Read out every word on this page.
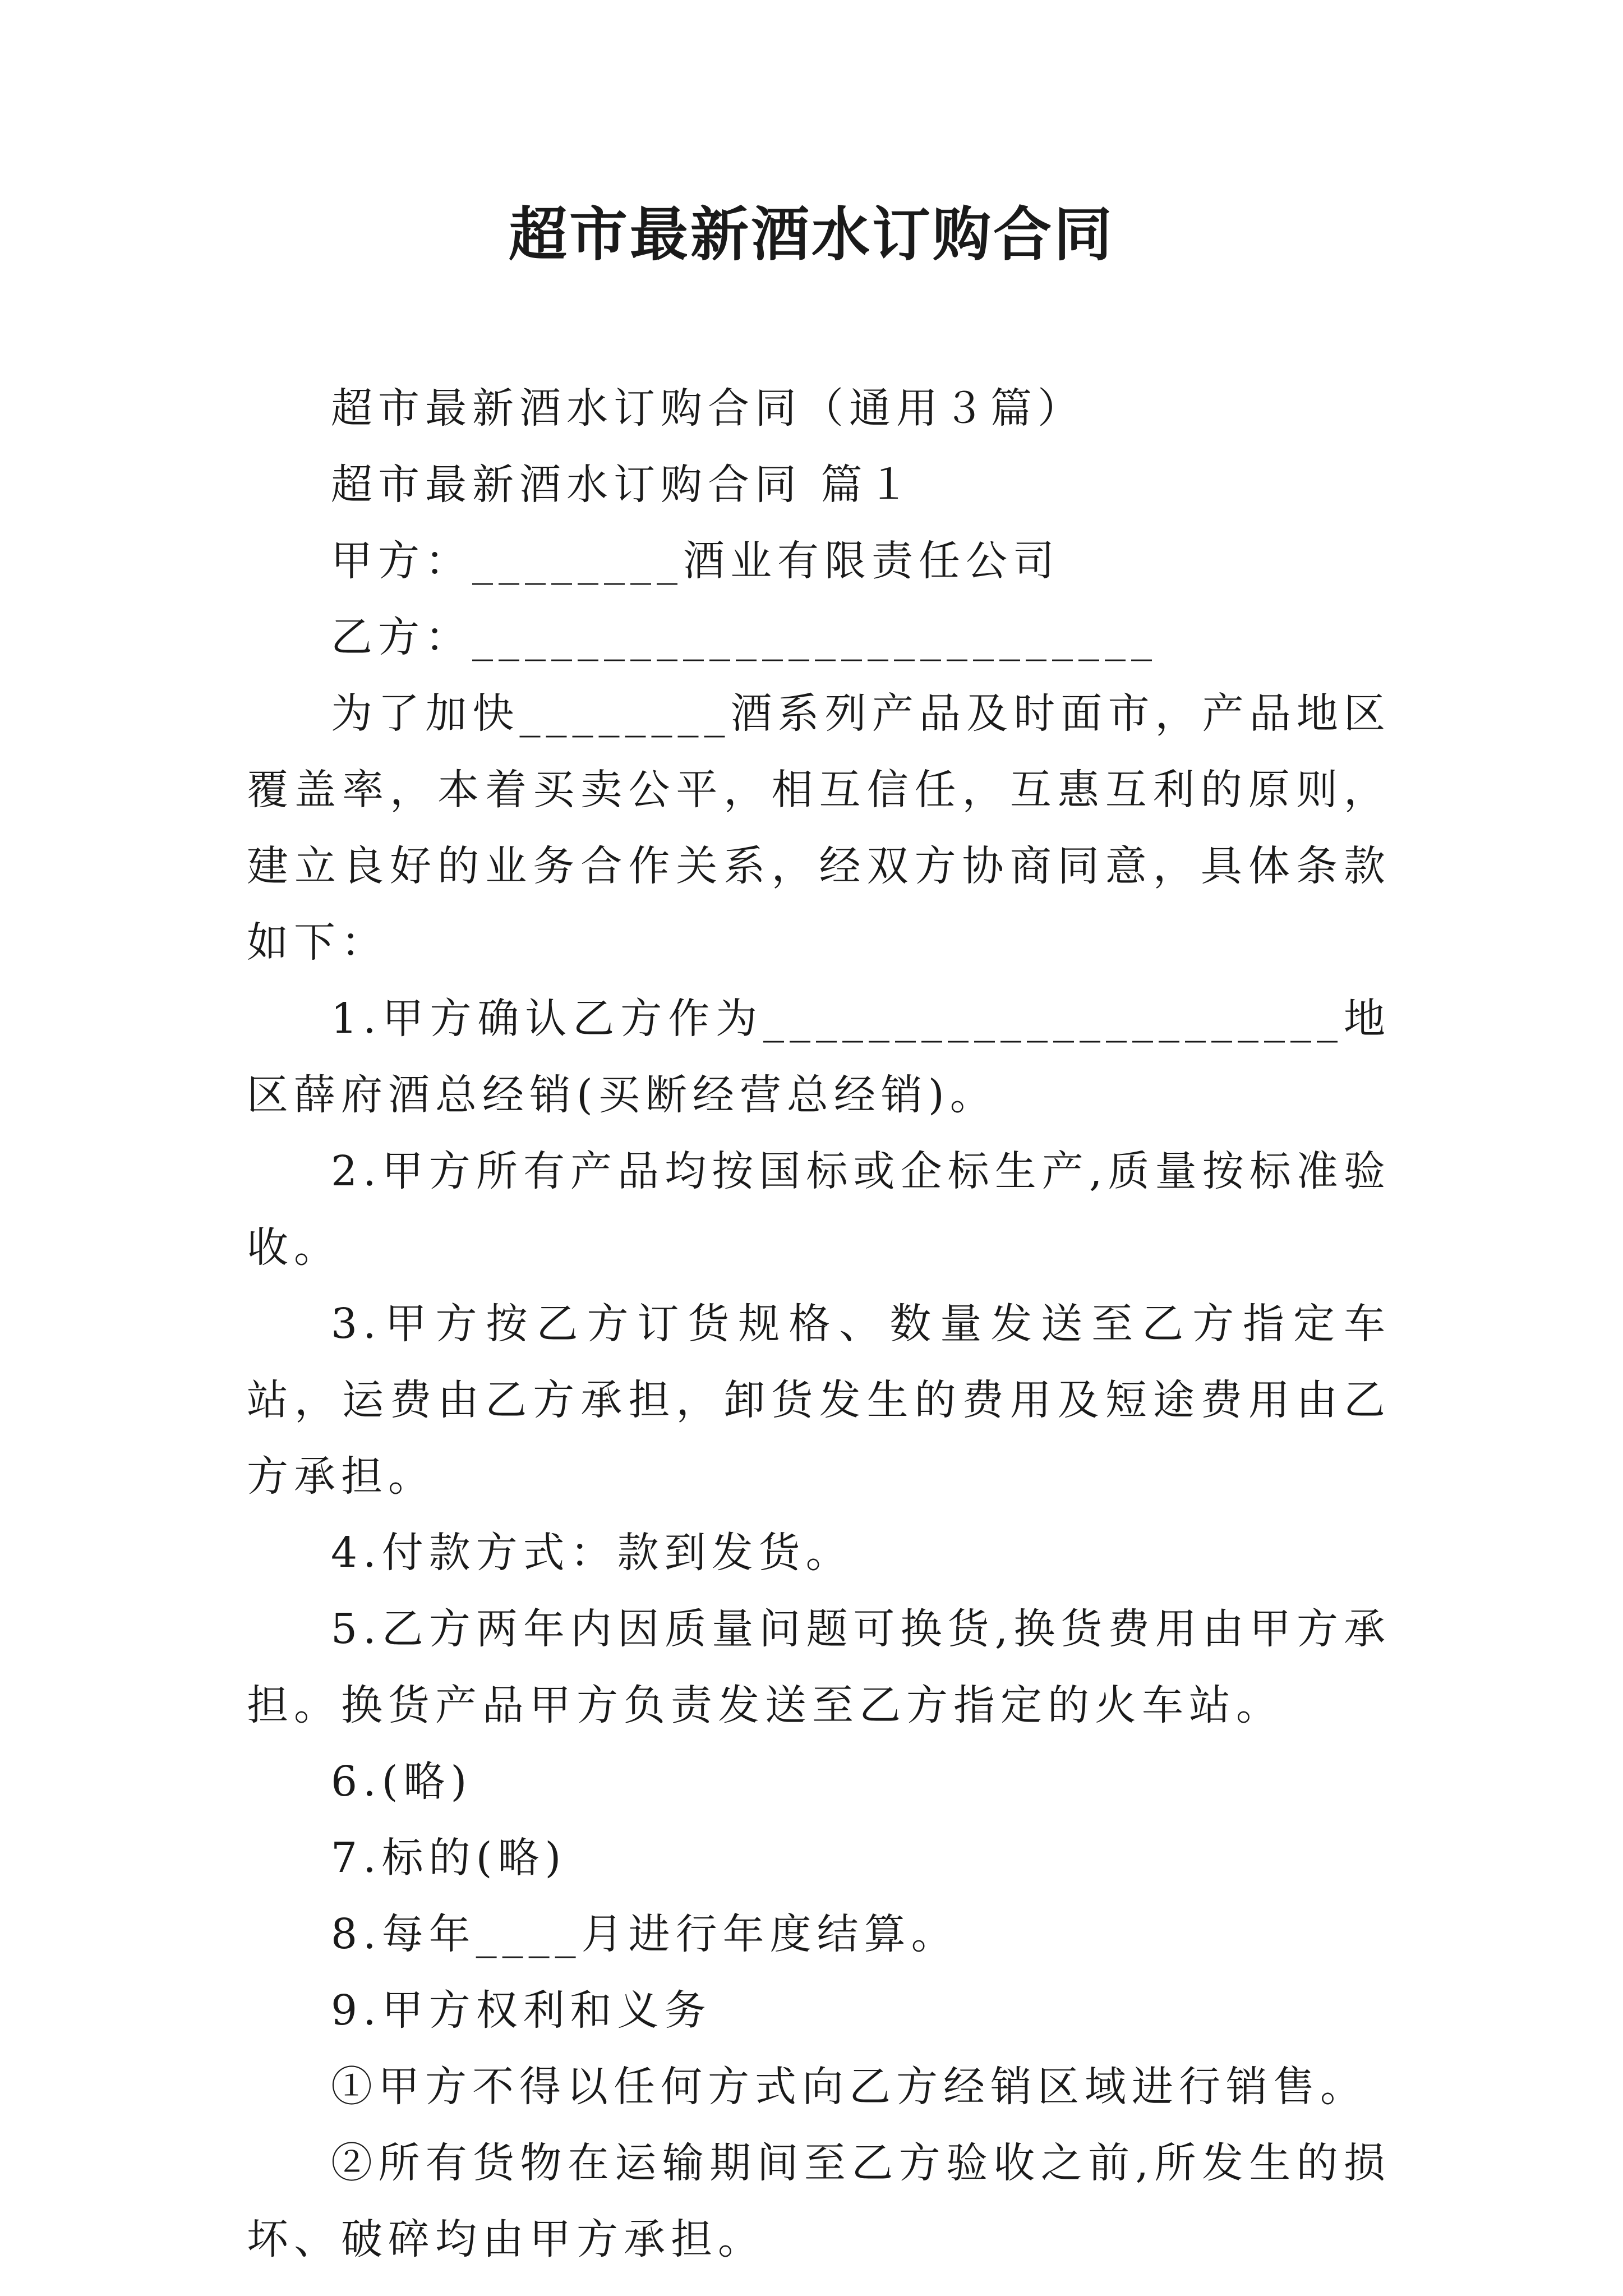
超市最新酒水订购合同

超市最新酒水订购合同（通用３篇）

超市最新酒水订购合同 篇１

甲方：________酒业有限责任公司

乙方：__________________________

为了加快________酒系列产品及时面市，产品地区覆盖率，本着买卖公平，相互信任，互惠互利的原则，建立良好的业务合作关系，经双方协商同意，具体条款如下：

1.甲方确认乙方作为______________________地区薛府酒总经销(买断经营总经销)。

2.甲方所有产品均按国标或企标生产,质量按标准验收。

3.甲方按乙方订货规格、数量发送至乙方指定车站，运费由乙方承担，卸货发生的费用及短途费用由乙方承担。

4.付款方式：款到发货。

5.乙方两年内因质量问题可换货,换货费用由甲方承担。换货产品甲方负责发送至乙方指定的火车站。

6.(略)

7.标的(略)

8.每年____月进行年度结算。

9.甲方权利和义务

①甲方不得以任何方式向乙方经销区域进行销售。

②所有货物在运输期间至乙方验收之前,所发生的损坏、破碎均由甲方承担。
